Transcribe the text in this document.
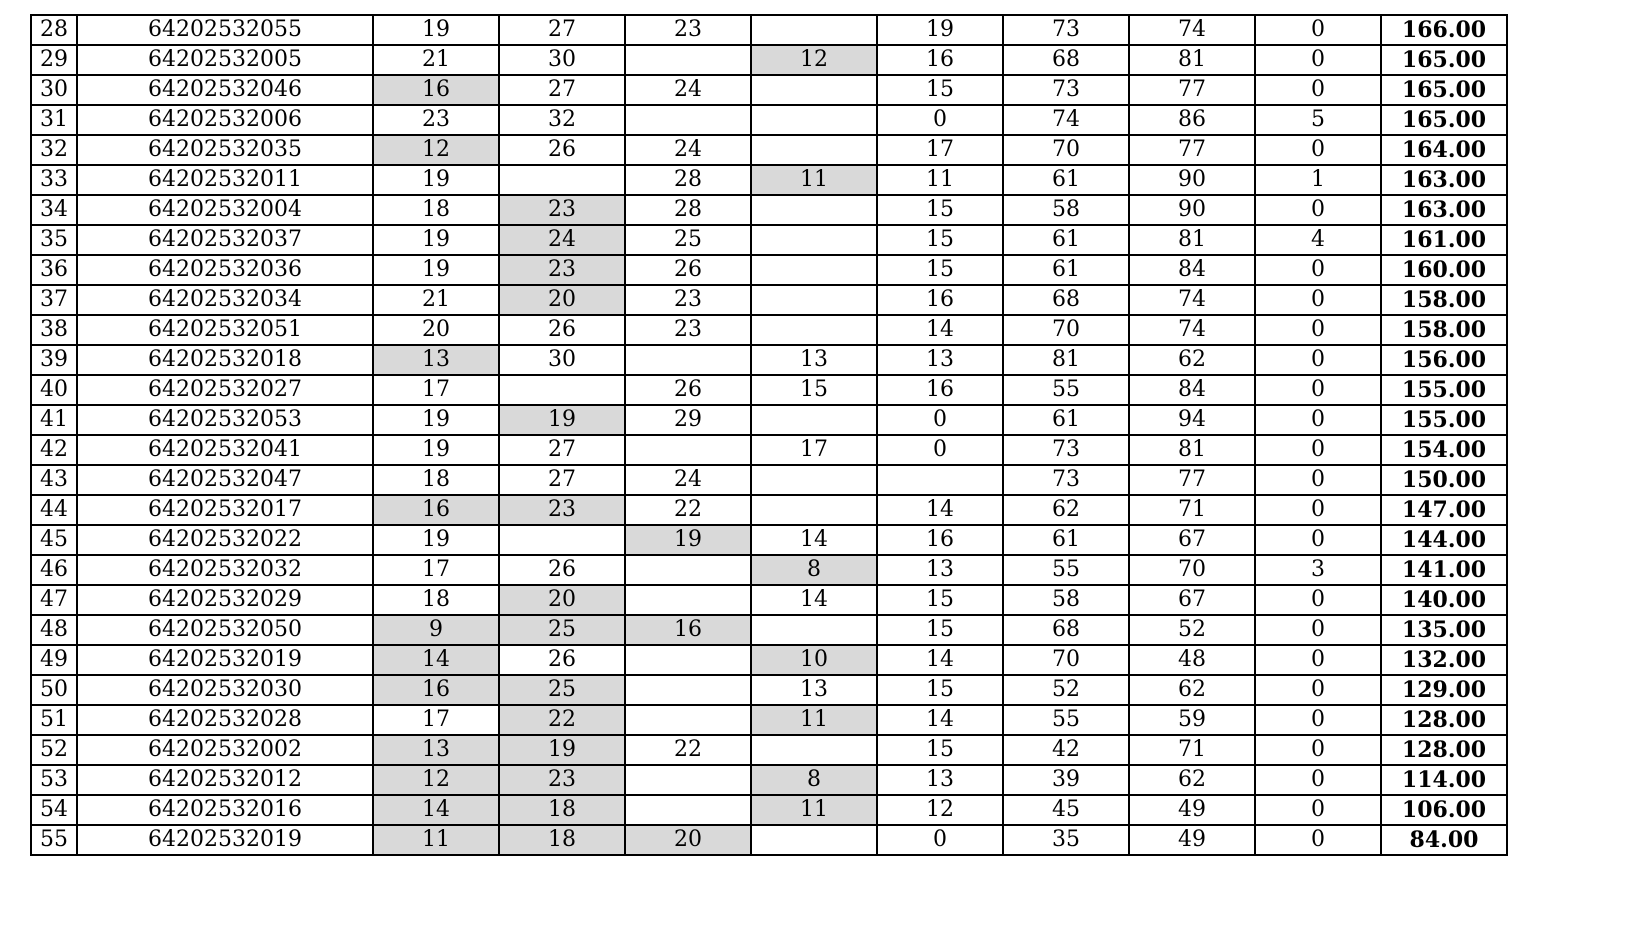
28	64202532055	19	27	23		19	73	74	0	166.00
29	64202532005	21	30		12	16	68	81	0	165.00
30	64202532046	16	27	24		15	73	77	0	165.00
31	64202532006	23	32			0	74	86	5	165.00
32	64202532035	12	26	24		17	70	77	0	164.00
33	64202532011	19		28	11	11	61	90	1	163.00
34	64202532004	18	23	28		15	58	90	0	163.00
35	64202532037	19	24	25		15	61	81	4	161.00
36	64202532036	19	23	26		15	61	84	0	160.00
37	64202532034	21	20	23		16	68	74	0	158.00
38	64202532051	20	26	23		14	70	74	0	158.00
39	64202532018	13	30		13	13	81	62	0	156.00
40	64202532027	17		26	15	16	55	84	0	155.00
41	64202532053	19	19	29		0	61	94	0	155.00
42	64202532041	19	27		17	0	73	81	0	154.00
43	64202532047	18	27	24			73	77	0	150.00
44	64202532017	16	23	22		14	62	71	0	147.00
45	64202532022	19		19	14	16	61	67	0	144.00
46	64202532032	17	26		8	13	55	70	3	141.00
47	64202532029	18	20		14	15	58	67	0	140.00
48	64202532050	9	25	16		15	68	52	0	135.00
49	64202532019	14	26		10	14	70	48	0	132.00
50	64202532030	16	25		13	15	52	62	0	129.00
51	64202532028	17	22		11	14	55	59	0	128.00
52	64202532002	13	19	22		15	42	71	0	128.00
53	64202532012	12	23		8	13	39	62	0	114.00
54	64202532016	14	18		11	12	45	49	0	106.00
55	64202532019	11	18	20		0	35	49	0	84.00
